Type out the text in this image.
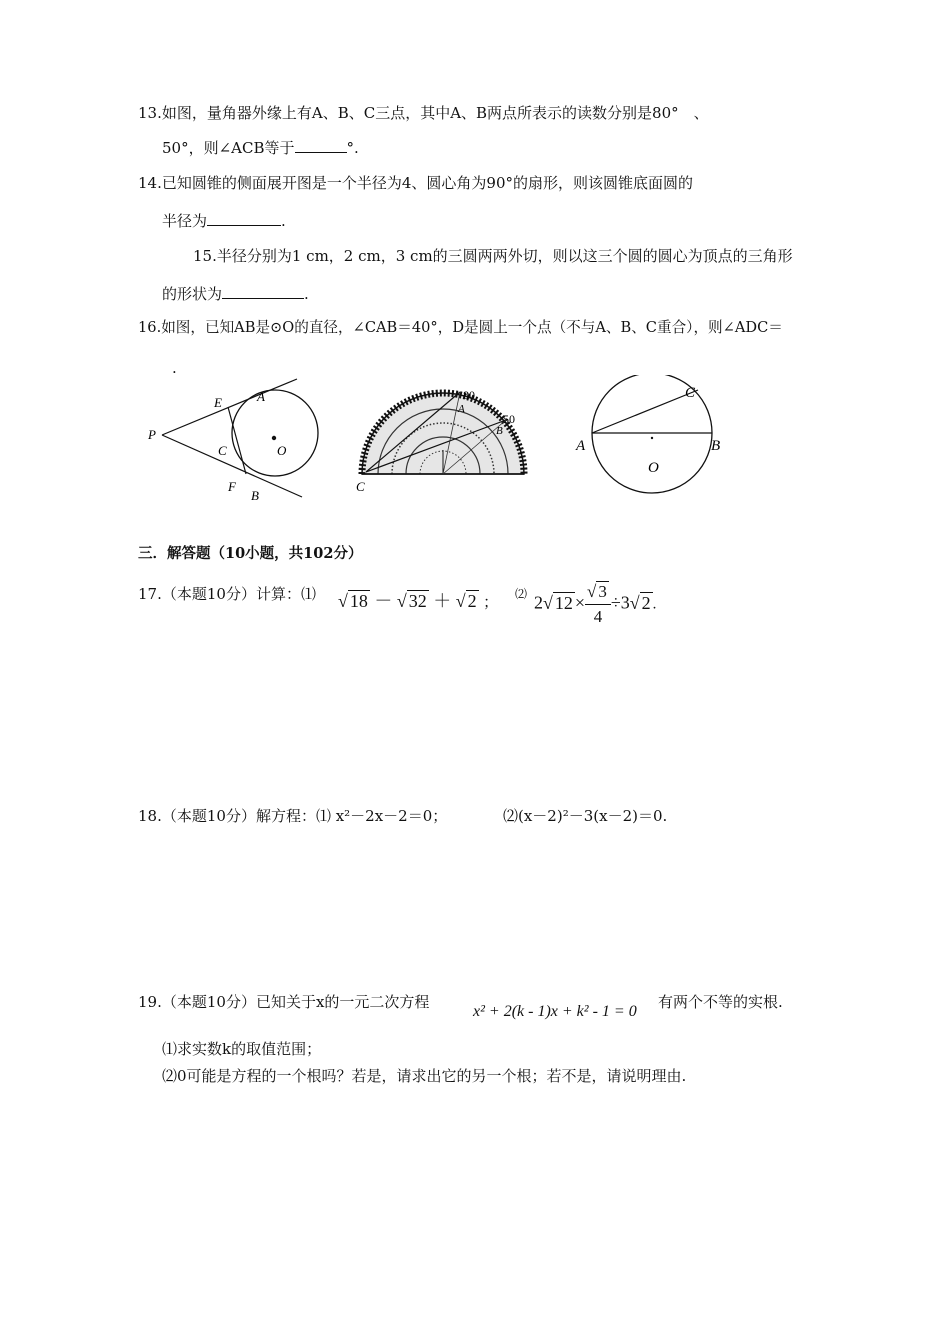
13.如图，量角器外缘上有A、B、C三点，其中A、B两点所表示的读数分别是80°　、
50°，则∠ACB等于	°.
14.已知圆锥的侧面展开图是一个半径为4、圆心角为90°的扇形，则该圆锥底面圆的
半径为	.
15.半径分别为1 cm，2 cm，3 cm的三圆两两外切，则以这三个圆的圆心为顶点的三角形
的形状为	.
16.如图，已知AB是⊙O的直径，∠CAB＝40°，D是圆上一个点（不与A、B、C重合），则∠ADC＝
.
P
E	A
O
C
F
B
80
A
50
B
C
C
A	B
O
三．解答题（10小题，共102分）
17.（本题10分）计算：⑴ √ 18 － √ 32 ＋ √ 2 ；
⑵ 2√ $12 \times \frac{√ 3}{4} \div 3√$ 2 .
18.（本题10分）解方程：⑴ x²－2x－2＝0；	⑵(x－2)²－3(x－2)＝0.
19.（本题10分）已知关于x的一元二次方程
x² + 2(k - 1)x + k² - 1 = 0
有两个不等的实根.
⑴求实数k的取值范围；
⑵0可能是方程的一个根吗？若是，请求出它的另一个根；若不是，请说明理由.
